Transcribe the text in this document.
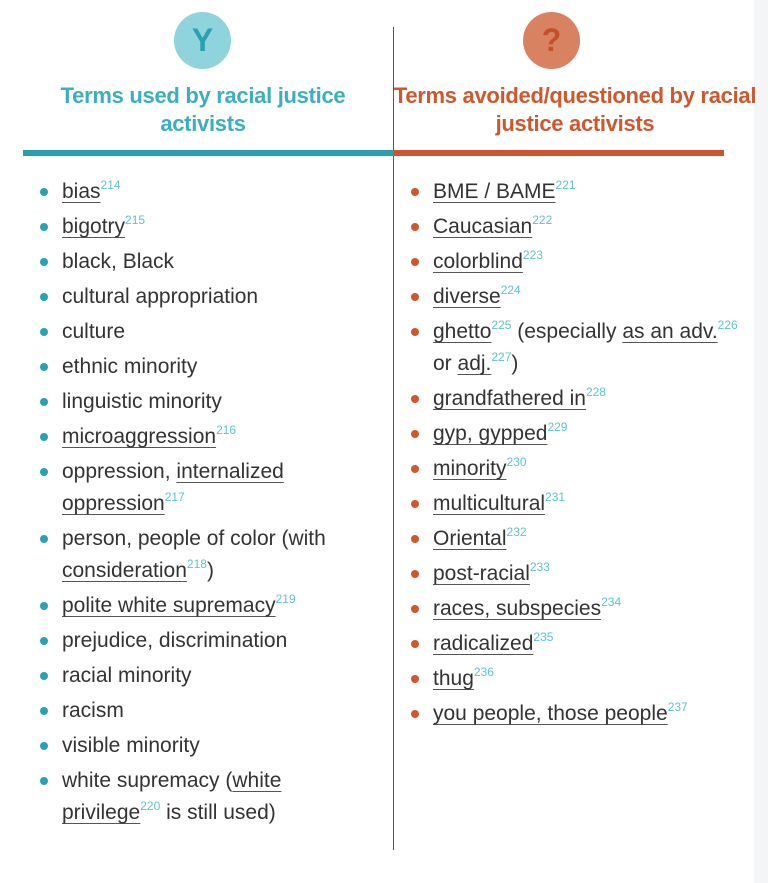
Y	?
Terms used by racial justice activists
Terms avoided/questioned by racial justice activists
bias$^{214}$
bigotry$^{215}$
black, Black
cultural appropriation
culture
ethnic minority
linguistic minority
microaggression$^{216}$
oppression, internalized oppression$^{217}$
person, people of color (with consideration$^{218}$)
polite white supremacy$^{219}$
prejudice, discrimination
racial minority
racism
visible minority
white supremacy (white privilege$^{220}$ is still used)
BME / BAME$^{221}$
Caucasian$^{222}$
colorblind$^{223}$
diverse$^{224}$
ghetto$^{225}$ (especially as an adv.$^{226}$ or adj.$^{227}$)
grandfathered $in^{228}$
gyp, gypped$^{229}$
minority$^{230}$
multicultural$^{231}$
Oriental$^{232}$
post-racial$^{233}$
races, subspecies$^{234}$
radicalized$^{235}$
thug$^{236}$
you people, those people$^{237}$
